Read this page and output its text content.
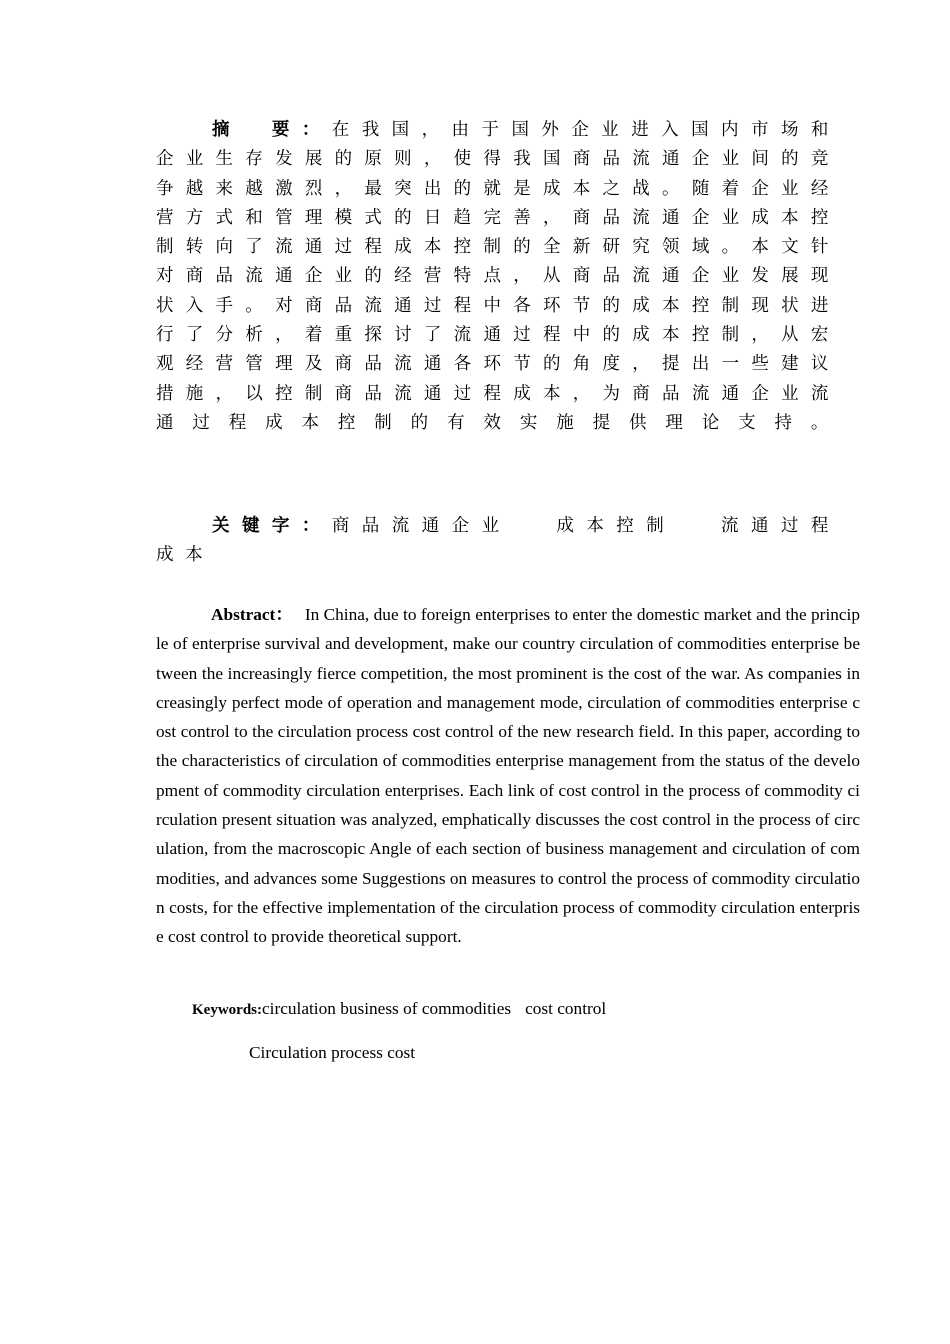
摘　要：在我国，由于国外企业进入国内市场和企业生存发展的原则，使得我国商品流通企业间的竞争越来越激烈，最突出的就是成本之战。随着企业经营方式和管理模式的日趋完善，商品流通企业成本控制转向了流通过程成本控制的全新研究领域。本文针对商品流通企业的经营特点，从商品流通企业发展现状入手。对商品流通过程中各环节的成本控制现状进行了分析，着重探讨了流通过程中的成本控制，从宏观经营管理及商品流通各环节的角度，提出一些建议措施，以控制商品流通过程成本，为商品流通企业流通过程成本控制的有效实施提供理论支持。
关键字：商品流通企业	成本控制	流通过程成本
Abstract： In China, due to foreign enterprises to enter the domestic market and the principle of enterprise survival and development, make our country circulation of commodities enterprise between the increasingly fierce competition, the most prominent is the cost of the war. As companies increasingly perfect mode of operation and management mode, circulation of commodities enterprise cost control to the circulation process cost control of the new research field. In this paper, according to the characteristics of circulation of commodities enterprise management from the status of the development of commodity circulation enterprises. Each link of cost control in the process of commodity circulation present situation was analyzed, emphatically discusses the cost control in the process of circulation, from the macroscopic Angle of each section of business management and circulation of commodities, and advances some Suggestions on measures to control the process of commodity circulation costs, for the effective implementation of the circulation process of commodity circulation enterprise cost control to provide theoretical support.
Keywords:circulation business of commodities cost control
Circulation process cost
